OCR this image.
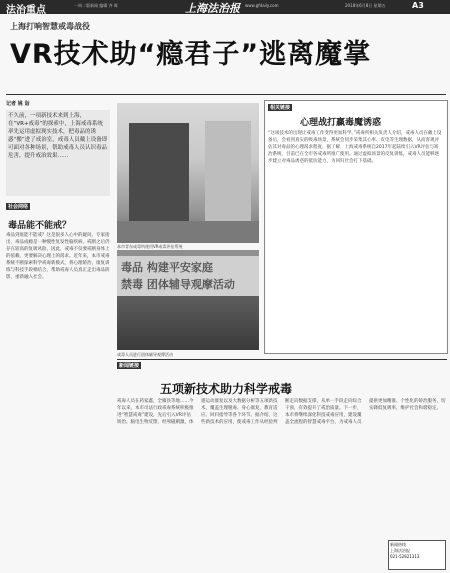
法治重点	一周二版新闻 编辑 齐 晖	上海法治报 www.gfdaily.com	2018年6月8日 星期五	A3
上海打响智慧戒毒战役
VR技术助“瘾君子”逃离魔掌
记者 姚 诣
不久前，一项新技术来到上海，在“VR+戒毒”的探索中，上海戒毒系统率先运用虚拟现实技术，把毒品的诱惑“搬”进了戒治室，戒毒人员戴上设备即可面对各种场景，帮助戒毒人员认识毒品危害，提升戒治效果……
本市青东戒毒所使用VR戒毒评估系统
相关链接
心理战打赢毒魔诱惑
“这项技术的出现让戒毒工作变得更加科学。”戒毒所相关负责人介绍，戒毒人员在戴上设备后，会看到真实的吸毒场景，系统会同步采集其心率、皮电等生理数据，从而客观评估其对毒品的心理渴求程度。据了解，上海戒毒系统自2017年起陆续引入VR评估与矫治系统，目前已在全市各戒毒所推广使用。通过虚拟场景的反复训练，戒毒人员能够逐步建立对毒品诱惑的抵抗能力，为回归社会打下基础。
社会网络
毒品能不能戒？
毒品到底能不能戒？这是很多人心中的疑问。专家指出，毒品成瘾是一种慢性复发性脑疾病，戒断之后仍存在较高的复吸风险。因此，戒毒不仅要戒断身体上的依赖，更要解决心理上的渴求。近年来，本市戒毒系统不断探索科学戒毒新模式，将心理矫治、康复训练与科技手段相结合，帮助戒毒人员真正走出毒品阴影，重新融入社会。
毒品 构建平安家庭
禁毒 团体辅导观摩活动
戒毒人员进行团体辅导观摩活动
新闻链接
五项新技术助力科学戒毒
戒毒人员在药家鑫、全椒县等地……今年以来，本市司法行政戒毒系统积极推进“智慧戒毒”建设，先后引入VR评估矫治、脑电生物反馈、经颅磁刺激、体感运动康复以及大数据分析等五项新技术，覆盖生理脱毒、身心康复、教育适应、回归指导等各个环节。据介绍，这些新技术的应用，使戒毒工作从经验判断走向数据支撑，从单一手段走向综合干预，有效提升了戒治质量。下一步，本市将继续深化科技戒毒应用，建设覆盖全流程的智慧戒毒平台，为戒毒人员提供更加精准、个性化的矫治服务，切实降低复吸率，维护社会和谐稳定。
新闻热线
上海法治报
021-52921313
